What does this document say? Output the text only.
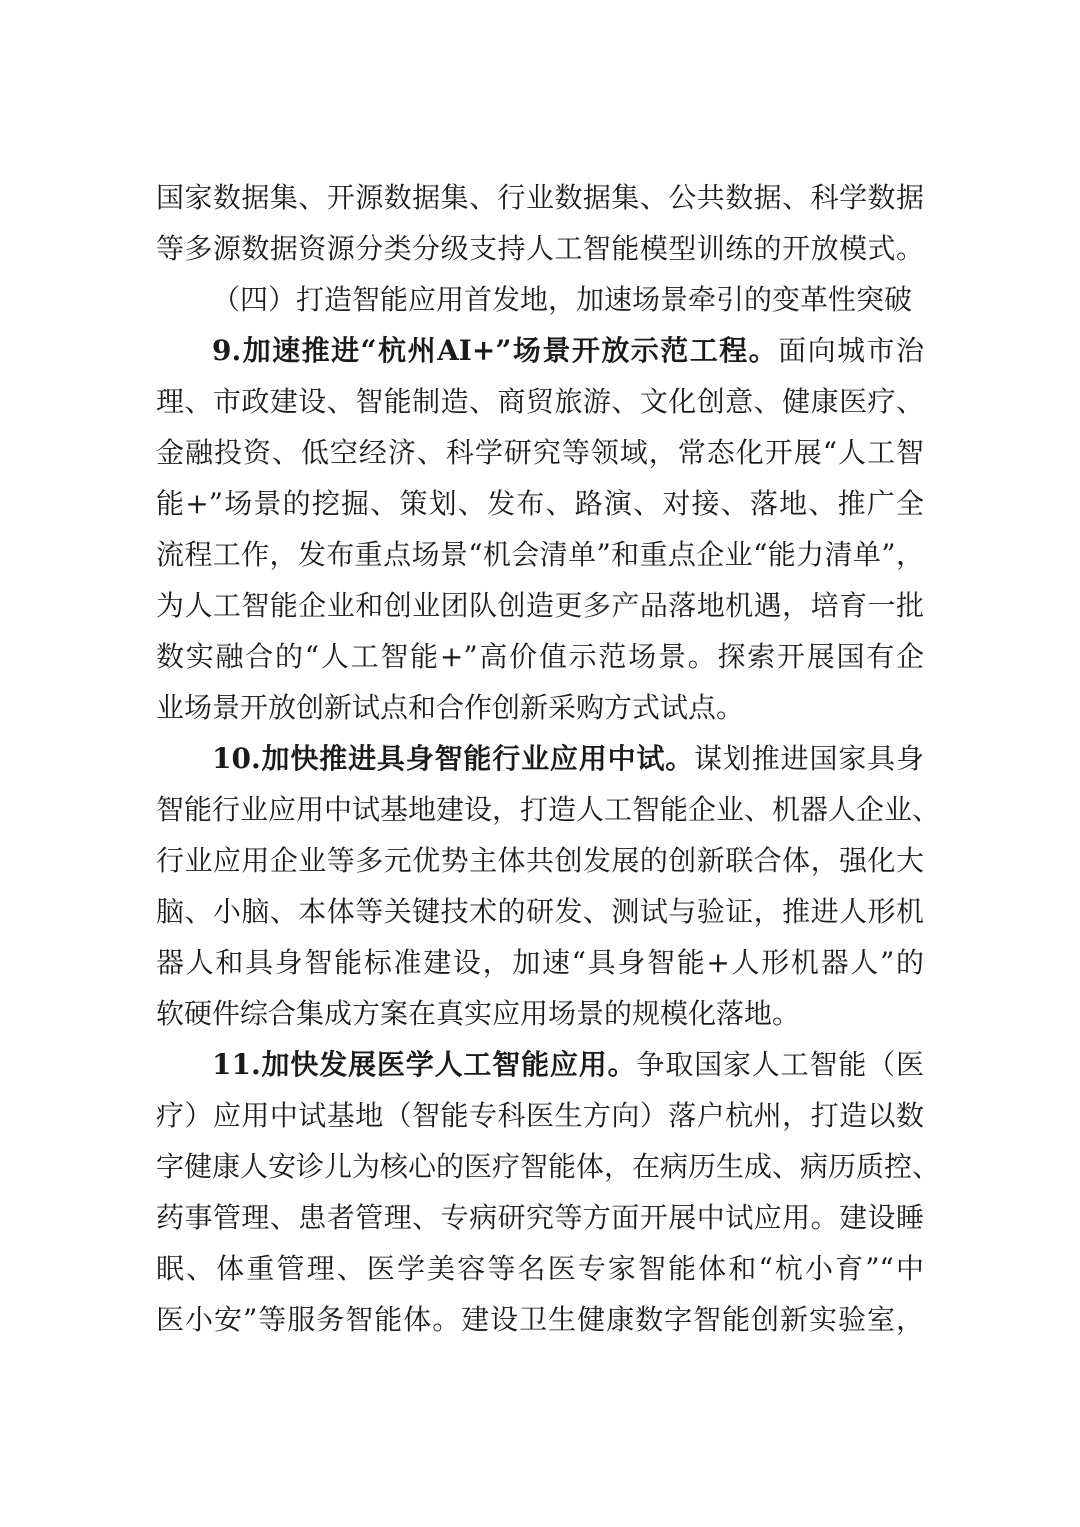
国家数据集、开源数据集、行业数据集、公共数据、科学数据
等多源数据资源分类分级支持人工智能模型训练的开放模式。
（四）打造智能应用首发地，加速场景牵引的变革性突破
9.加速推进“杭州AI+”场景开放示范工程。面向城市治
理、市政建设、智能制造、商贸旅游、文化创意、健康医疗、
金融投资、低空经济、科学研究等领域，常态化开展“人工智
能+”场景的挖掘、策划、发布、路演、对接、落地、推广全
流程工作，发布重点场景“机会清单”和重点企业“能力清单”，
为人工智能企业和创业团队创造更多产品落地机遇，培育一批
数实融合的“人工智能+”高价值示范场景。探索开展国有企
业场景开放创新试点和合作创新采购方式试点。
10.加快推进具身智能行业应用中试。谋划推进国家具身
智能行业应用中试基地建设，打造人工智能企业、机器人企业、
行业应用企业等多元优势主体共创发展的创新联合体，强化大
脑、小脑、本体等关键技术的研发、测试与验证，推进人形机
器人和具身智能标准建设，加速“具身智能+人形机器人”的
软硬件综合集成方案在真实应用场景的规模化落地。
11.加快发展医学人工智能应用。争取国家人工智能（医
疗）应用中试基地（智能专科医生方向）落户杭州，打造以数
字健康人安诊儿为核心的医疗智能体，在病历生成、病历质控、
药事管理、患者管理、专病研究等方面开展中试应用。建设睡
眠、体重管理、医学美容等名医专家智能体和“杭小育”“中
医小安”等服务智能体。建设卫生健康数字智能创新实验室，
